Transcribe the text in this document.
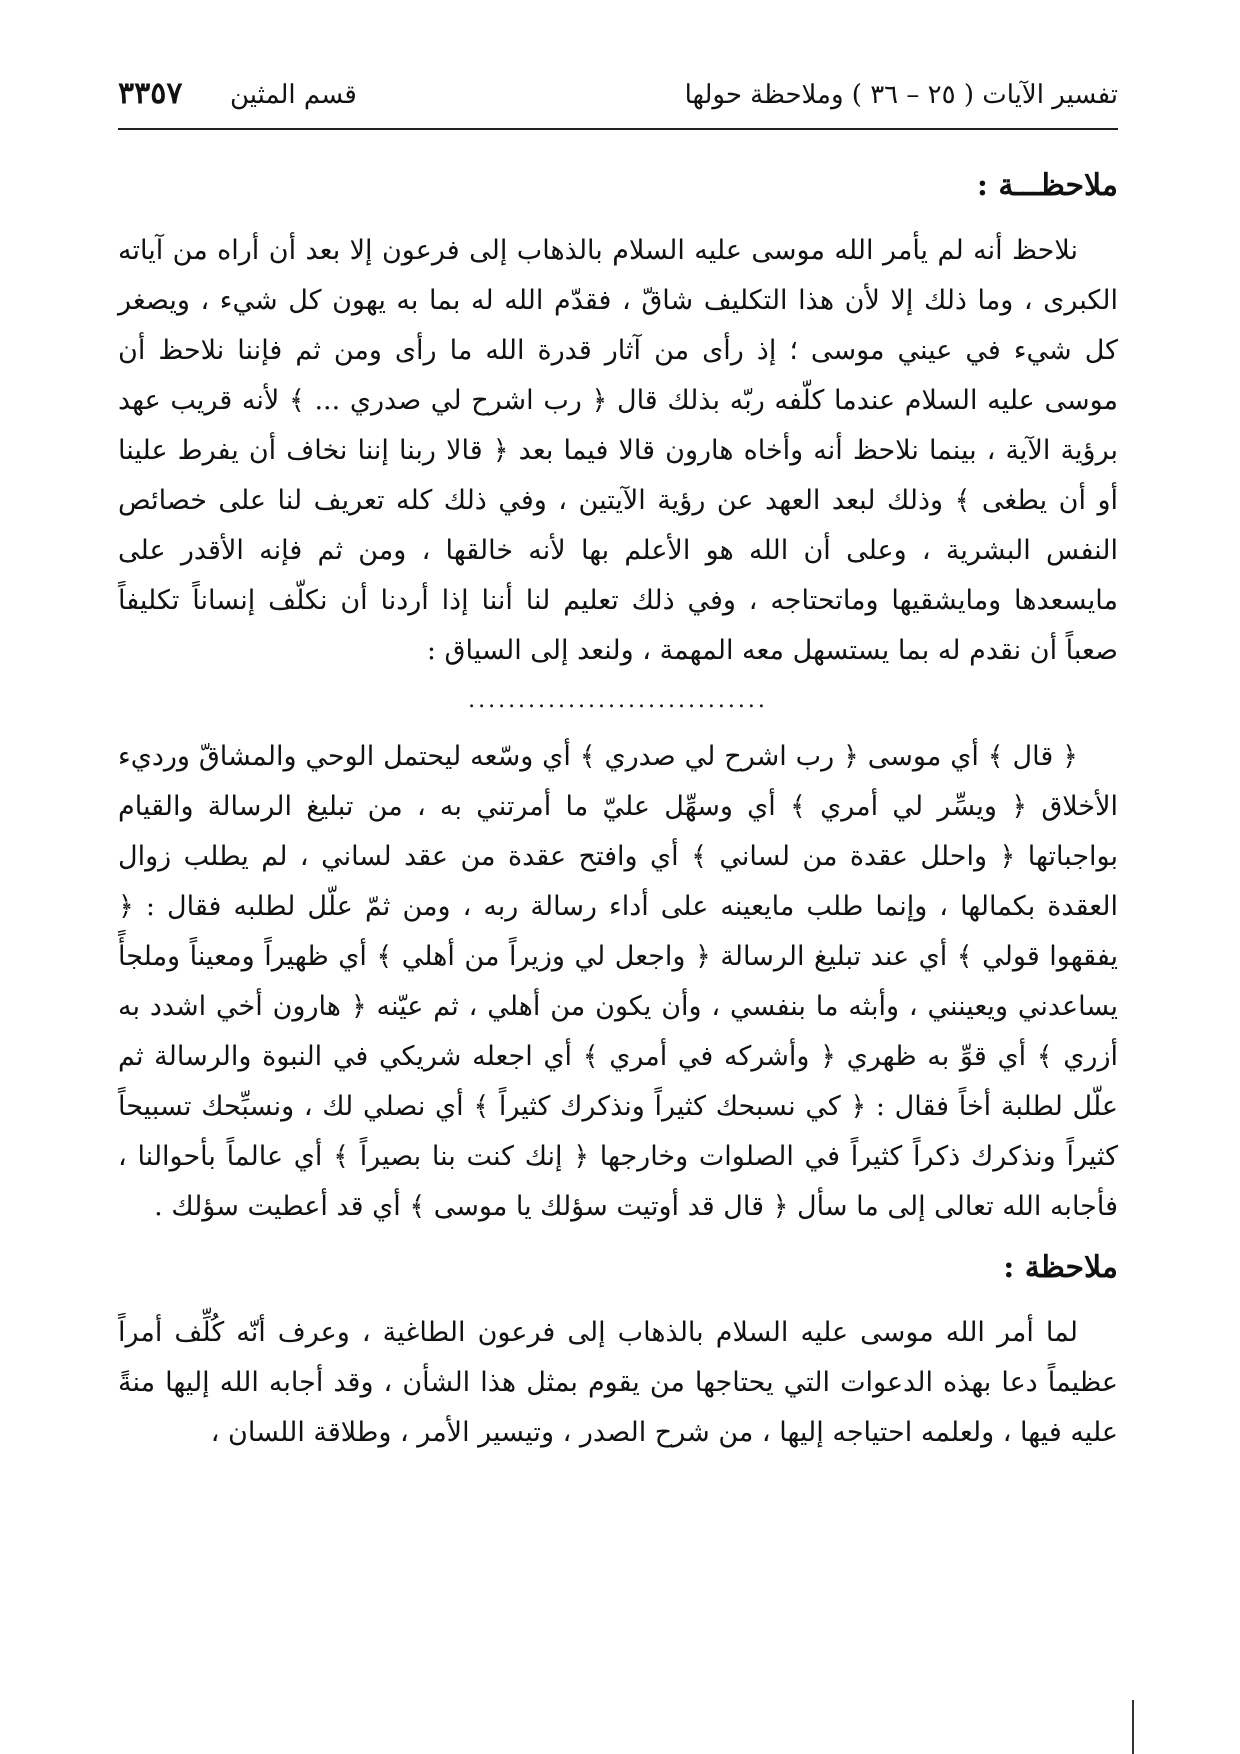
تفسير الآيات ( ٢٥ – ٣٦ ) وملاحظة حولها
قسم المثين
٣٣٥٧
ملاحظـــة :

نلاحظ أنه لم يأمر الله موسى عليه السلام بالذهاب إلى فرعون إلا بعد أن أراه من آياته الكبرى ، وما ذلك إلا لأن هذا التكليف شاقّ ، فقدّم الله له بما به يهون كل شيء ، ويصغر كل شيء في عيني موسى ؛ إذ رأى من آثار قدرة الله ما رأى ومن ثم فإننا نلاحظ أن موسى عليه السلام عندما كلّفه ربّه بذلك قال ﴿ رب اشرح لي صدري ... ﴾ لأنه قريب عهد برؤية الآية ، بينما نلاحظ أنه وأخاه هارون قالا فيما بعد ﴿ قالا ربنا إننا نخاف أن يفرط علينا أو أن يطغى ﴾ وذلك لبعد العهد عن رؤية الآيتين ، وفي ذلك كله تعريف لنا على خصائص النفس البشرية ، وعلى أن الله هو الأعلم بها لأنه خالقها ، ومن ثم فإنه الأقدر على مايسعدها ومايشقيها وماتحتاجه ، وفي ذلك تعليم لنا أننا إذا أردنا أن نكلّف إنساناً تكليفاً صعباً أن نقدم له بما يستسهل معه المهمة ، ولنعد إلى السياق :

..............................

﴿ قال ﴾ أي موسى ﴿ رب اشرح لي صدري ﴾ أي وسّعه ليحتمل الوحي والمشاقّ ورديء الأخلاق ﴿ ويسِّر لي أمري ﴾ أي وسهِّل عليّ ما أمرتني به ، من تبليغ الرسالة والقيام بواجباتها ﴿ واحلل عقدة من لساني ﴾ أي وافتح عقدة من عقد لساني ، لم يطلب زوال العقدة بكمالها ، وإنما طلب مايعينه على أداء رسالة ربه ، ومن ثمّ علّل لطلبه فقال : ﴿ يفقهوا قولي ﴾ أي عند تبليغ الرسالة ﴿ واجعل لي وزيراً من أهلي ﴾ أي ظهيراً ومعيناً وملجأً يساعدني ويعينني ، وأبثه ما بنفسي ، وأن يكون من أهلي ، ثم عيّنه ﴿ هارون أخي اشدد به أزري ﴾ أي قوِّ به ظهري ﴿ وأشركه في أمري ﴾ أي اجعله شريكي في النبوة والرسالة ثم علّل لطلبة أخاً فقال : ﴿ كي نسبحك كثيراً ونذكرك كثيراً ﴾ أي نصلي لك ، ونسبِّحك تسبيحاً كثيراً ونذكرك ذكراً كثيراً في الصلوات وخارجها ﴿ إنك كنت بنا بصيراً ﴾ أي عالماً بأحوالنا ، فأجابه الله تعالى إلى ما سأل ﴿ قال قد أوتيت سؤلك يا موسى ﴾ أي قد أعطيت سؤلك .

ملاحظة :

لما أمر الله موسى عليه السلام بالذهاب إلى فرعون الطاغية ، وعرف أنّه كُلِّف أمراً عظيماً دعا بهذه الدعوات التي يحتاجها من يقوم بمثل هذا الشأن ، وقد أجابه الله إليها منةً عليه فيها ، ولعلمه احتياجه إليها ، من شرح الصدر ، وتيسير الأمر ، وطلاقة اللسان ،
